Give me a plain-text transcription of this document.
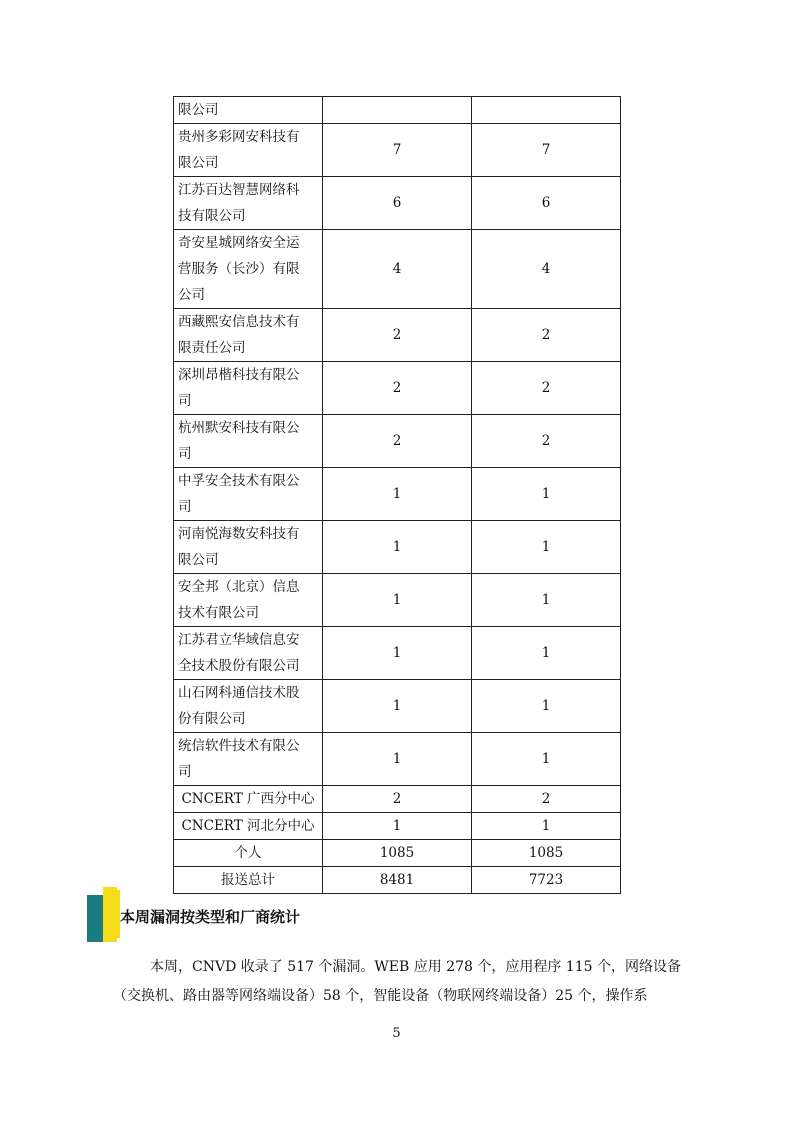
限公司		

贵州多彩网安科技有
限公司	7	7

江苏百达智慧网络科
技有限公司	6	6

奇安星城网络安全运
营服务（长沙）有限
公司	4	4

西藏熙安信息技术有
限责任公司	2	2

深圳昂楷科技有限公
司	2	2

杭州默安科技有限公
司	2	2

中孚安全技术有限公
司	1	1

河南悦海数安科技有
限公司	1	1

安全邦（北京）信息
技术有限公司	1	1

江苏君立华域信息安
全技术股份有限公司	1	1

山石网科通信技术股
份有限公司	1	1

统信软件技术有限公
司	1	1

CNCERT 广西分中心	2	2

CNCERT 河北分中心	1	1

个人	1085	1085

报送总计	8481	7723
本周漏洞按类型和厂商统计
本周，CNVD 收录了 517 个漏洞。WEB 应用 278 个，应用程序 115 个，网络设备
（交换机、路由器等网络端设备）58 个，智能设备（物联网终端设备）25 个，操作系
5
